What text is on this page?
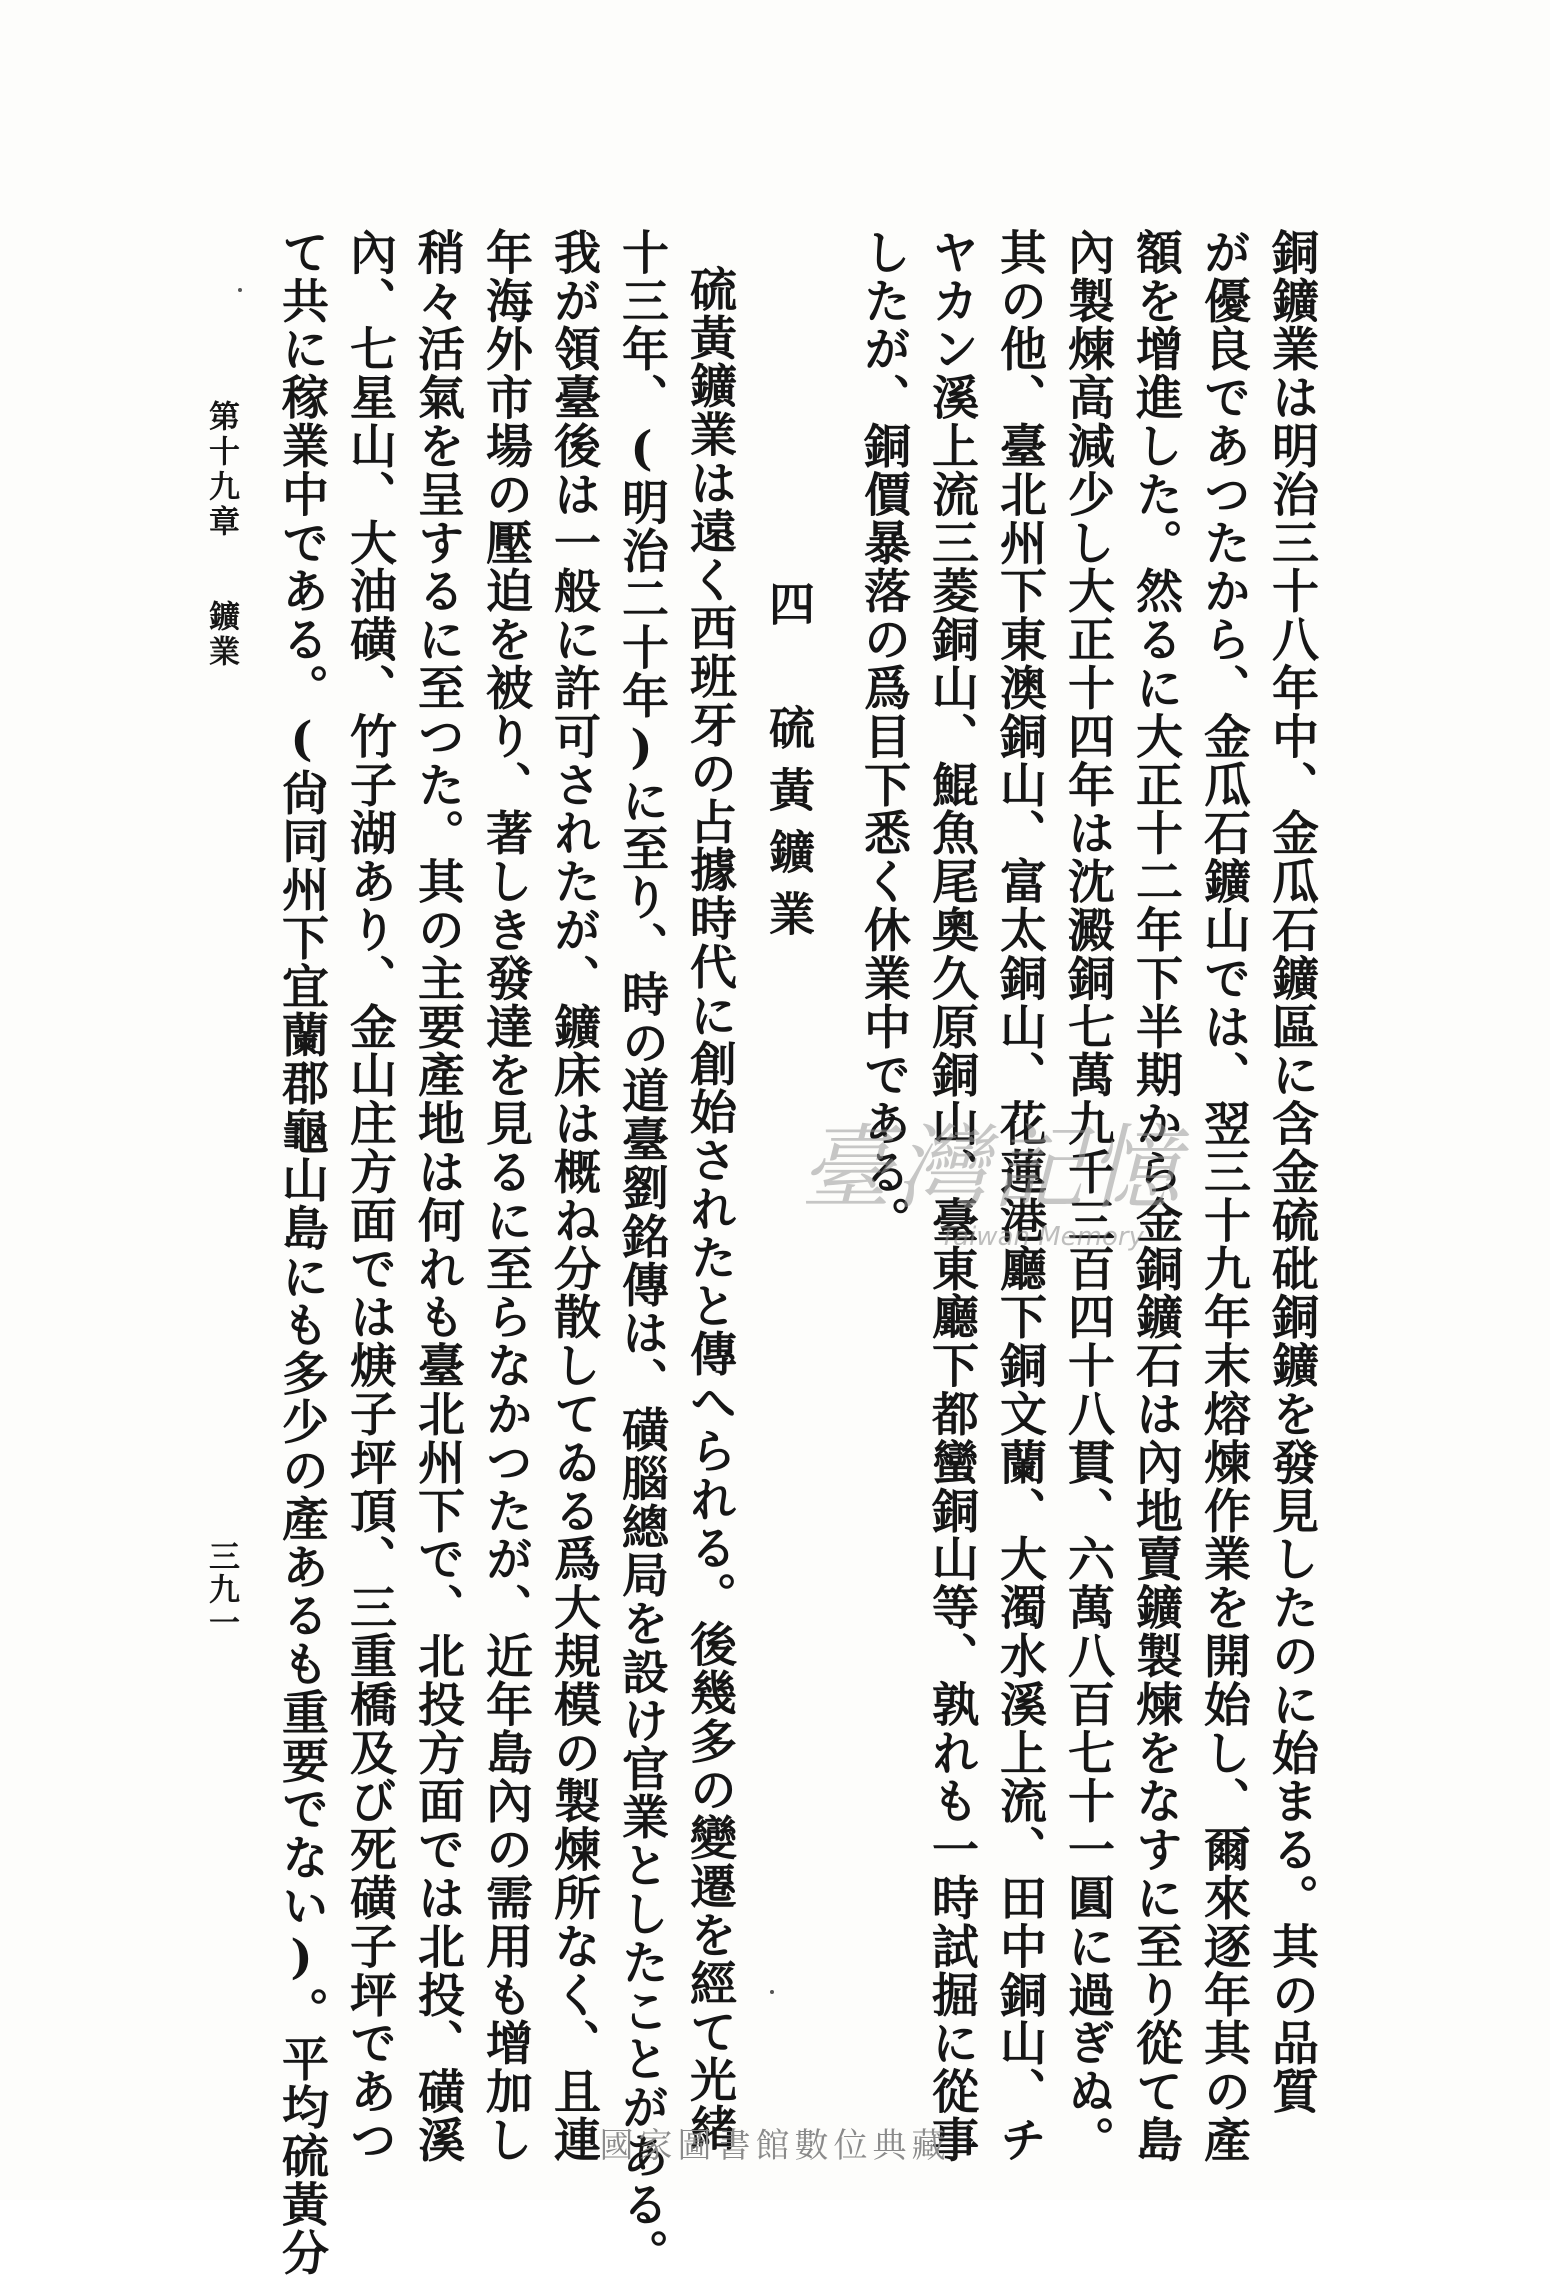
銅鑛業は明治三十八年中、金瓜石鑛區に含金硫砒銅鑛を發見したのに始まる。其の品質
が優良であつたから、金瓜石鑛山では、翌三十九年末熔煉作業を開始し、爾來逐年其の產
額を增進した。然るに大正十二年下半期から金銅鑛石は內地賣鑛製煉をなすに至り從て島
內製煉高減少し大正十四年は沈澱銅七萬九千三百四十八貫、六萬八百七十一圓に過ぎぬ。
其の他、臺北州下東澳銅山、富太銅山、花蓮港廳下銅文蘭、大濁水溪上流、田中銅山、チ
ヤカン溪上流三菱銅山、鯤魚尾奧久原銅山、臺東廳下都蠻銅山等、孰れも一時試掘に從事
したが、銅價暴落の爲目下悉く休業中である。
四　硫黃鑛業
硫黃鑛業は遠く西班牙の占據時代に創始されたと傳へられる。後幾多の變遷を經て光緒
十三年、(明治二十年)に至り、時の道臺劉銘傳は、磺腦總局を設け官業としたことがある。
我が領臺後は一般に許可されたが、鑛床は概ね分散してゐる爲大規模の製煉所なく、且連
年海外市場の壓迫を被り、著しき發達を見るに至らなかつたが、近年島內の需用も增加し
稍々活氣を呈するに至つた。其の主要產地は何れも臺北州下で、北投方面では北投、磺溪
內、七星山、大油磺、竹子湖あり、金山庄方面では焿子坪頂、三重橋及び死磺子坪であつ
て共に稼業中である。(尙同州下宜蘭郡龜山島にも多少の產あるも重要でない)。平均硫黃分
第十九章鑛業
三九一
臺灣記憶
Taiwan Memory
國家圖書館數位典藏
